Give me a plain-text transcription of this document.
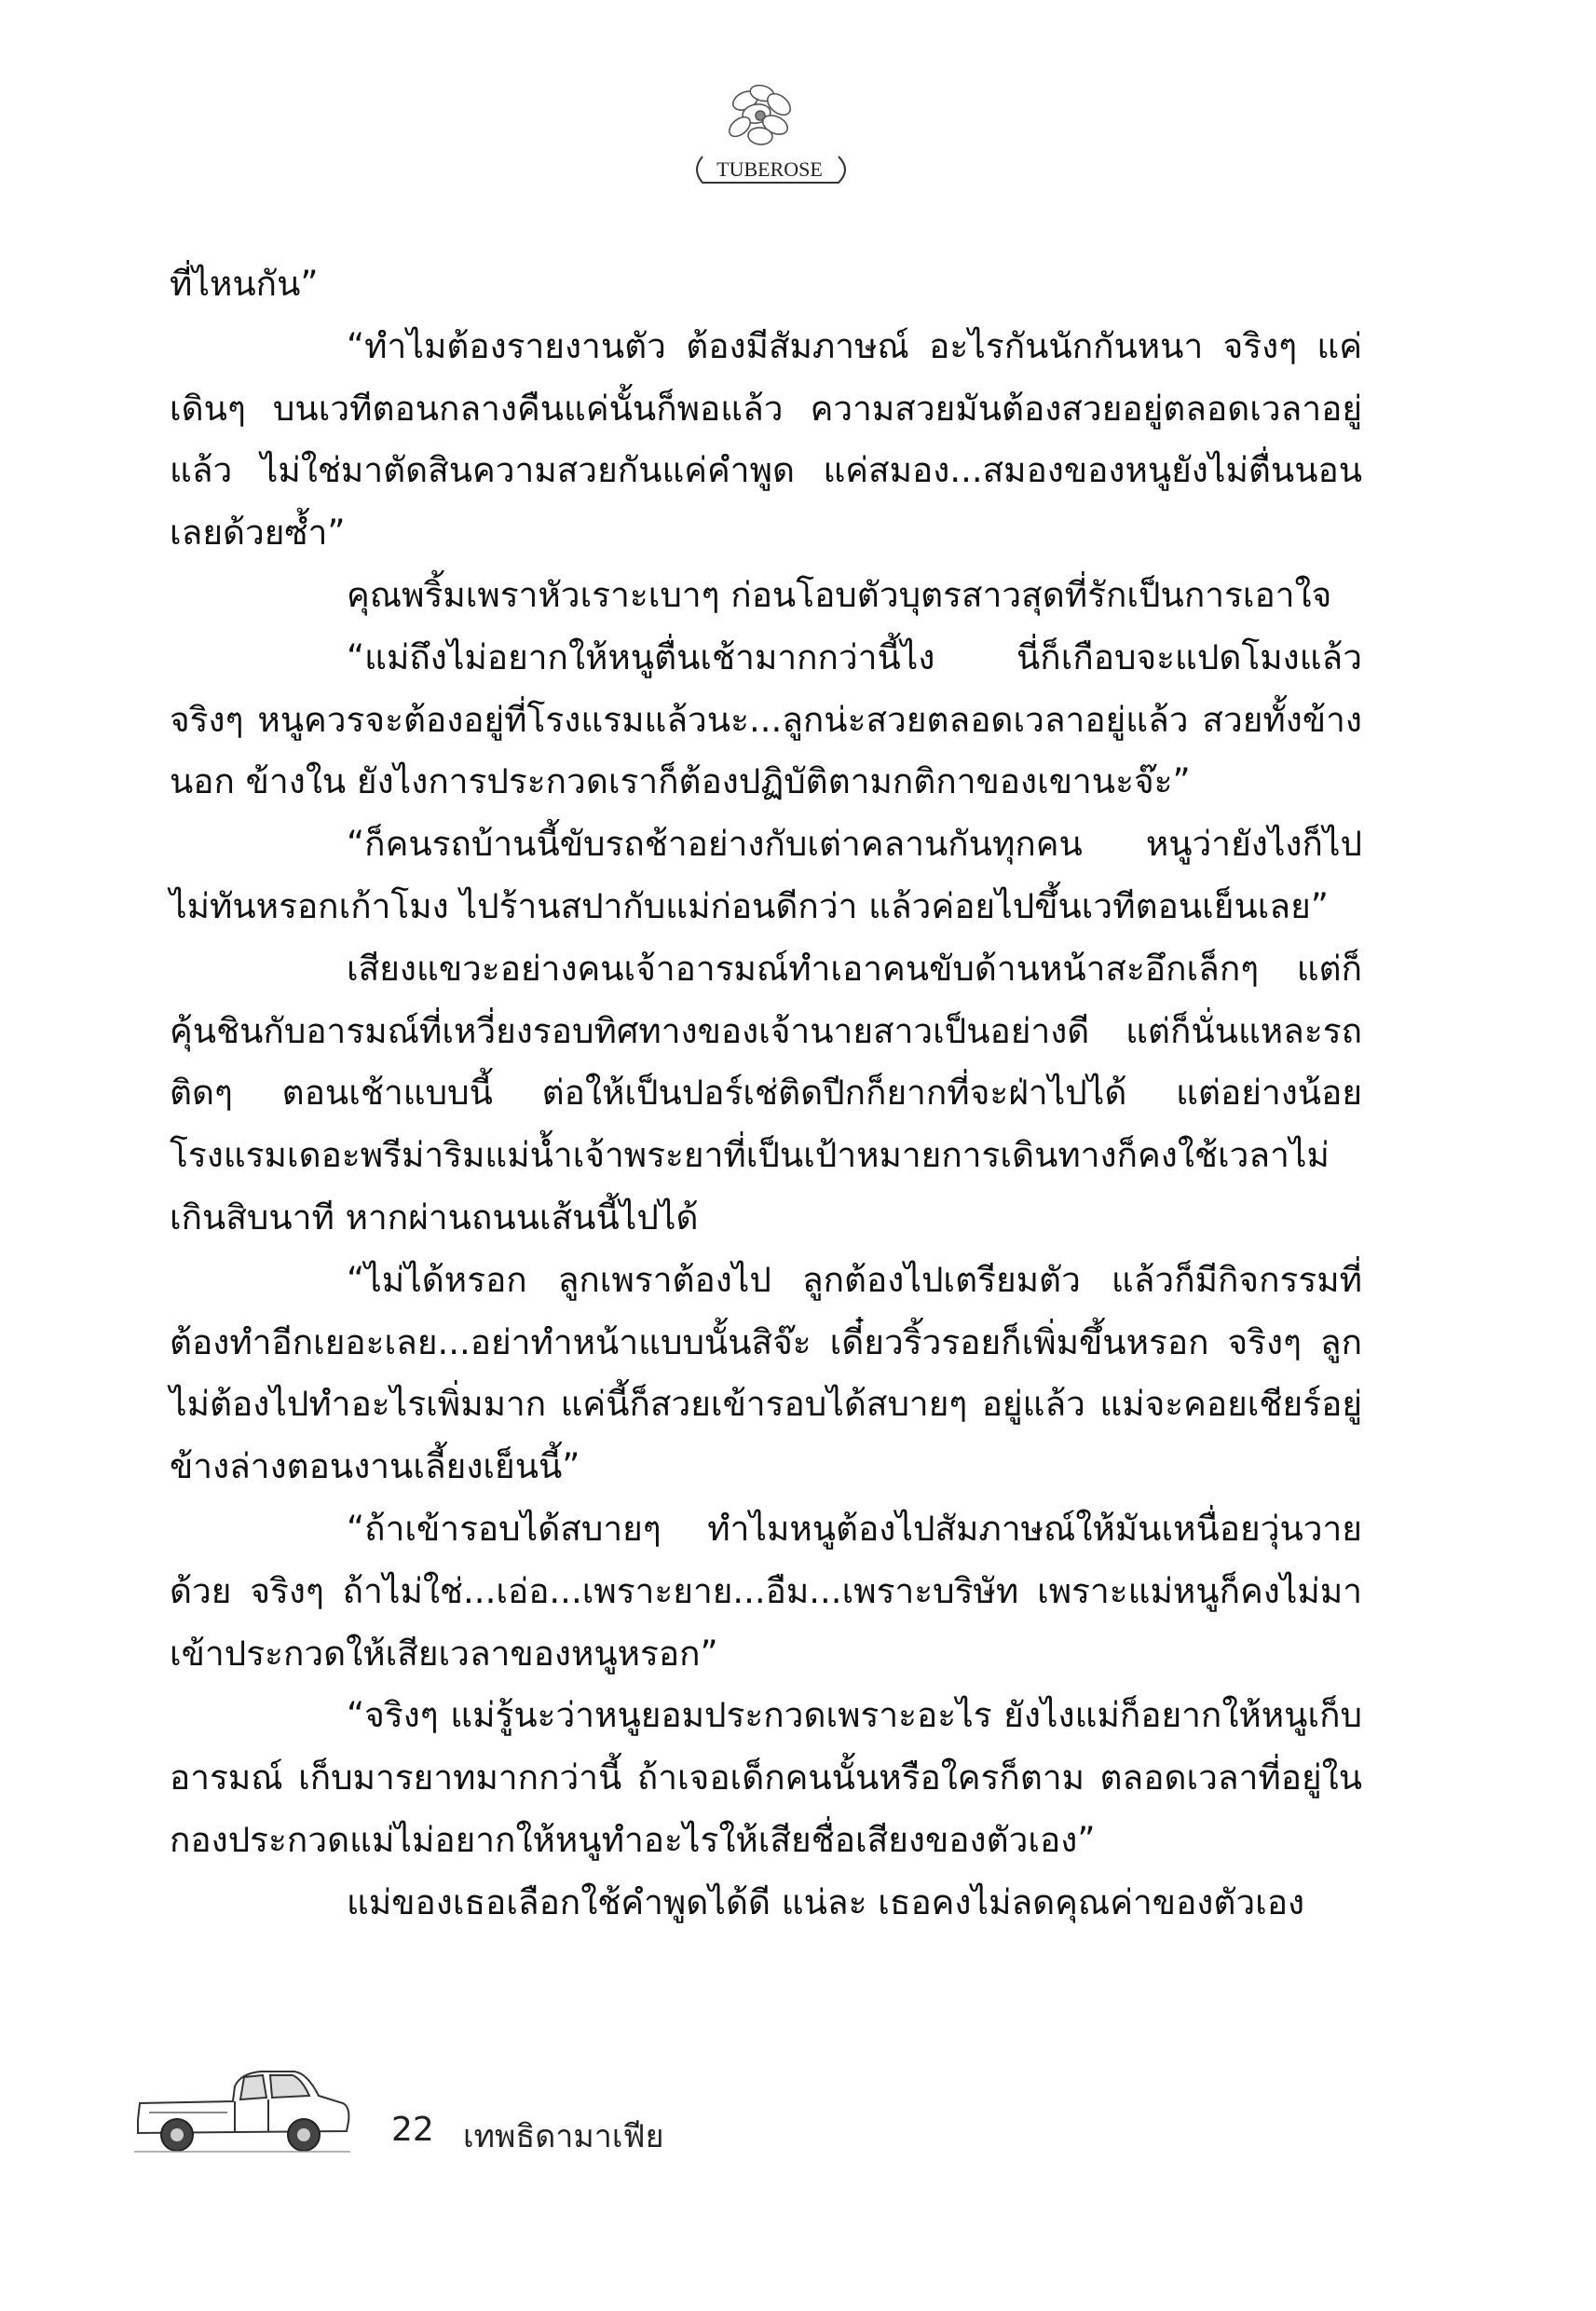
TUBEROSE

ที่ไหนกัน”

“ทำไมต้องรายงานตัว ต้องมีสัมภาษณ์ อะไรกันนักกันหนา จริงๆ แค่เดินๆ บนเวทีตอนกลางคืนแค่นั้นก็พอแล้ว ความสวยมันต้องสวยอยู่ตลอดเวลาอยู่แล้ว ไม่ใช่มาตัดสินความสวยกันแค่คำพูด แค่สมอง...สมองของหนูยังไม่ตื่นนอนเลยด้วยซ้ำ”

คุณพริ้มเพราหัวเราะเบาๆ ก่อนโอบตัวบุตรสาวสุดที่รักเป็นการเอาใจ

“แม่ถึงไม่อยากให้หนูตื่นเช้ามากกว่านี้ไง นี่ก็เกือบจะแปดโมงแล้ว จริงๆ หนูควรจะต้องอยู่ที่โรงแรมแล้วนะ...ลูกน่ะสวยตลอดเวลาอยู่แล้ว สวยทั้งข้างนอก ข้างใน ยังไงการประกวดเราก็ต้องปฏิบัติตามกติกาของเขานะจ๊ะ”

“ก็คนรถบ้านนี้ขับรถช้าอย่างกับเต่าคลานกันทุกคน หนูว่ายังไงก็ไปไม่ทันหรอกเก้าโมง ไปร้านสปากับแม่ก่อนดีกว่า แล้วค่อยไปขึ้นเวทีตอนเย็นเลย”

เสียงแขวะอย่างคนเจ้าอารมณ์ทำเอาคนขับด้านหน้าสะอึกเล็กๆ แต่ก็คุ้นชินกับอารมณ์ที่เหวี่ยงรอบทิศทางของเจ้านายสาวเป็นอย่างดี แต่ก็นั่นแหละรถติดๆ ตอนเช้าแบบนี้ ต่อให้เป็นปอร์เช่ติดปีกก็ยากที่จะฝ่าไปได้ แต่อย่างน้อย โรงแรมเดอะพรีม่าริมแม่น้ำเจ้าพระยาที่เป็นเป้าหมายการเดินทางก็คงใช้เวลาไม่เกินสิบนาที หากผ่านถนนเส้นนี้ไปได้

“ไม่ได้หรอก ลูกเพราต้องไป ลูกต้องไปเตรียมตัว แล้วก็มีกิจกรรมที่ต้องทำอีกเยอะเลย...อย่าทำหน้าแบบนั้นสิจ๊ะ เดี๋ยวริ้วรอยก็เพิ่มขึ้นหรอก จริงๆ ลูกไม่ต้องไปทำอะไรเพิ่มมาก แค่นี้ก็สวยเข้ารอบได้สบายๆ อยู่แล้ว แม่จะคอยเชียร์อยู่ข้างล่างตอนงานเลี้ยงเย็นนี้”

“ถ้าเข้ารอบได้สบายๆ ทำไมหนูต้องไปสัมภาษณ์ให้มันเหนื่อยวุ่นวายด้วย จริงๆ ถ้าไม่ใช่...เอ่อ...เพราะยาย...อืม...เพราะบริษัท เพราะแม่หนูก็คงไม่มาเข้าประกวดให้เสียเวลาของหนูหรอก”

“จริงๆ แม่รู้นะว่าหนูยอมประกวดเพราะอะไร ยังไงแม่ก็อยากให้หนูเก็บอารมณ์ เก็บมารยาทมากกว่านี้ ถ้าเจอเด็กคนนั้นหรือใครก็ตาม ตลอดเวลาที่อยู่ในกองประกวดแม่ไม่อยากให้หนูทำอะไรให้เสียชื่อเสียงของตัวเอง”

แม่ของเธอเลือกใช้คำพูดได้ดี แน่ละ เธอคงไม่ลดคุณค่าของตัวเอง

22 เทพธิดามาเฟีย
